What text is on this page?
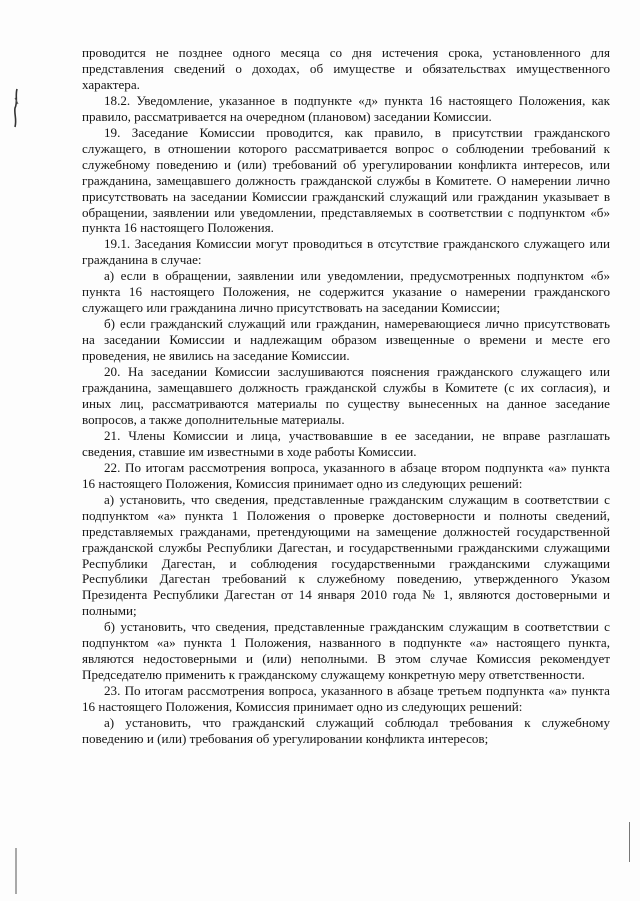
проводится не позднее одного месяца со дня истечения срока, установленного для представления сведений о доходах, об имуществе и обязательствах имущественного характера.

18.2. Уведомление, указанное в подпункте «д» пункта 16 настоящего Положения, как правило, рассматривается на очередном (плановом) заседании Комиссии.

19. Заседание Комиссии проводится, как правило, в присутствии гражданского служащего, в отношении которого рассматривается вопрос о соблюдении требований к служебному поведению и (или) требований об урегулировании конфликта интересов, или гражданина, замещавшего должность гражданской службы в Комитете. О намерении лично присутствовать на заседании Комиссии гражданский служащий или гражданин указывает в обращении, заявлении или уведомлении, представляемых в соответствии с подпунктом «б» пункта 16 настоящего Положения.

19.1. Заседания Комиссии могут проводиться в отсутствие гражданского служащего или гражданина в случае:

а) если в обращении, заявлении или уведомлении, предусмотренных подпунктом «б» пункта 16 настоящего Положения, не содержится указание о намерении гражданского служащего или гражданина лично присутствовать на заседании Комиссии;

б) если гражданский служащий или гражданин, намеревающиеся лично присутствовать на заседании Комиссии и надлежащим образом извещенные о времени и месте его проведения, не явились на заседание Комиссии.

20. На заседании Комиссии заслушиваются пояснения гражданского служащего или гражданина, замещавшего должность гражданской службы в Комитете (с их согласия), и иных лиц, рассматриваются материалы по существу вынесенных на данное заседание вопросов, а также дополнительные материалы.

21. Члены Комиссии и лица, участвовавшие в ее заседании, не вправе разглашать сведения, ставшие им известными в ходе работы Комиссии.

22. По итогам рассмотрения вопроса, указанного в абзаце втором подпункта «а» пункта 16 настоящего Положения, Комиссия принимает одно из следующих решений:

а) установить, что сведения, представленные гражданским служащим в соответствии с подпунктом «а» пункта 1 Положения о проверке достоверности и полноты сведений, представляемых гражданами, претендующими на замещение должностей государственной гражданской службы Республики Дагестан, и государственными гражданскими служащими Республики Дагестан, и соблюдения государственными гражданскими служащими Республики Дагестан требований к служебному поведению, утвержденного Указом Президента Республики Дагестан от 14 января 2010 года № 1, являются достоверными и полными;

б) установить, что сведения, представленные гражданским служащим в соответствии с подпунктом «а» пункта 1 Положения, названного в подпункте «а» настоящего пункта, являются недостоверными и (или) неполными. В этом случае Комиссия рекомендует Председателю применить к гражданскому служащему конкретную меру ответственности.

23. По итогам рассмотрения вопроса, указанного в абзаце третьем подпункта «а» пункта 16 настоящего Положения, Комиссия принимает одно из следующих решений:

а) установить, что гражданский служащий соблюдал требования к служебному поведению и (или) требования об урегулировании конфликта интересов;
